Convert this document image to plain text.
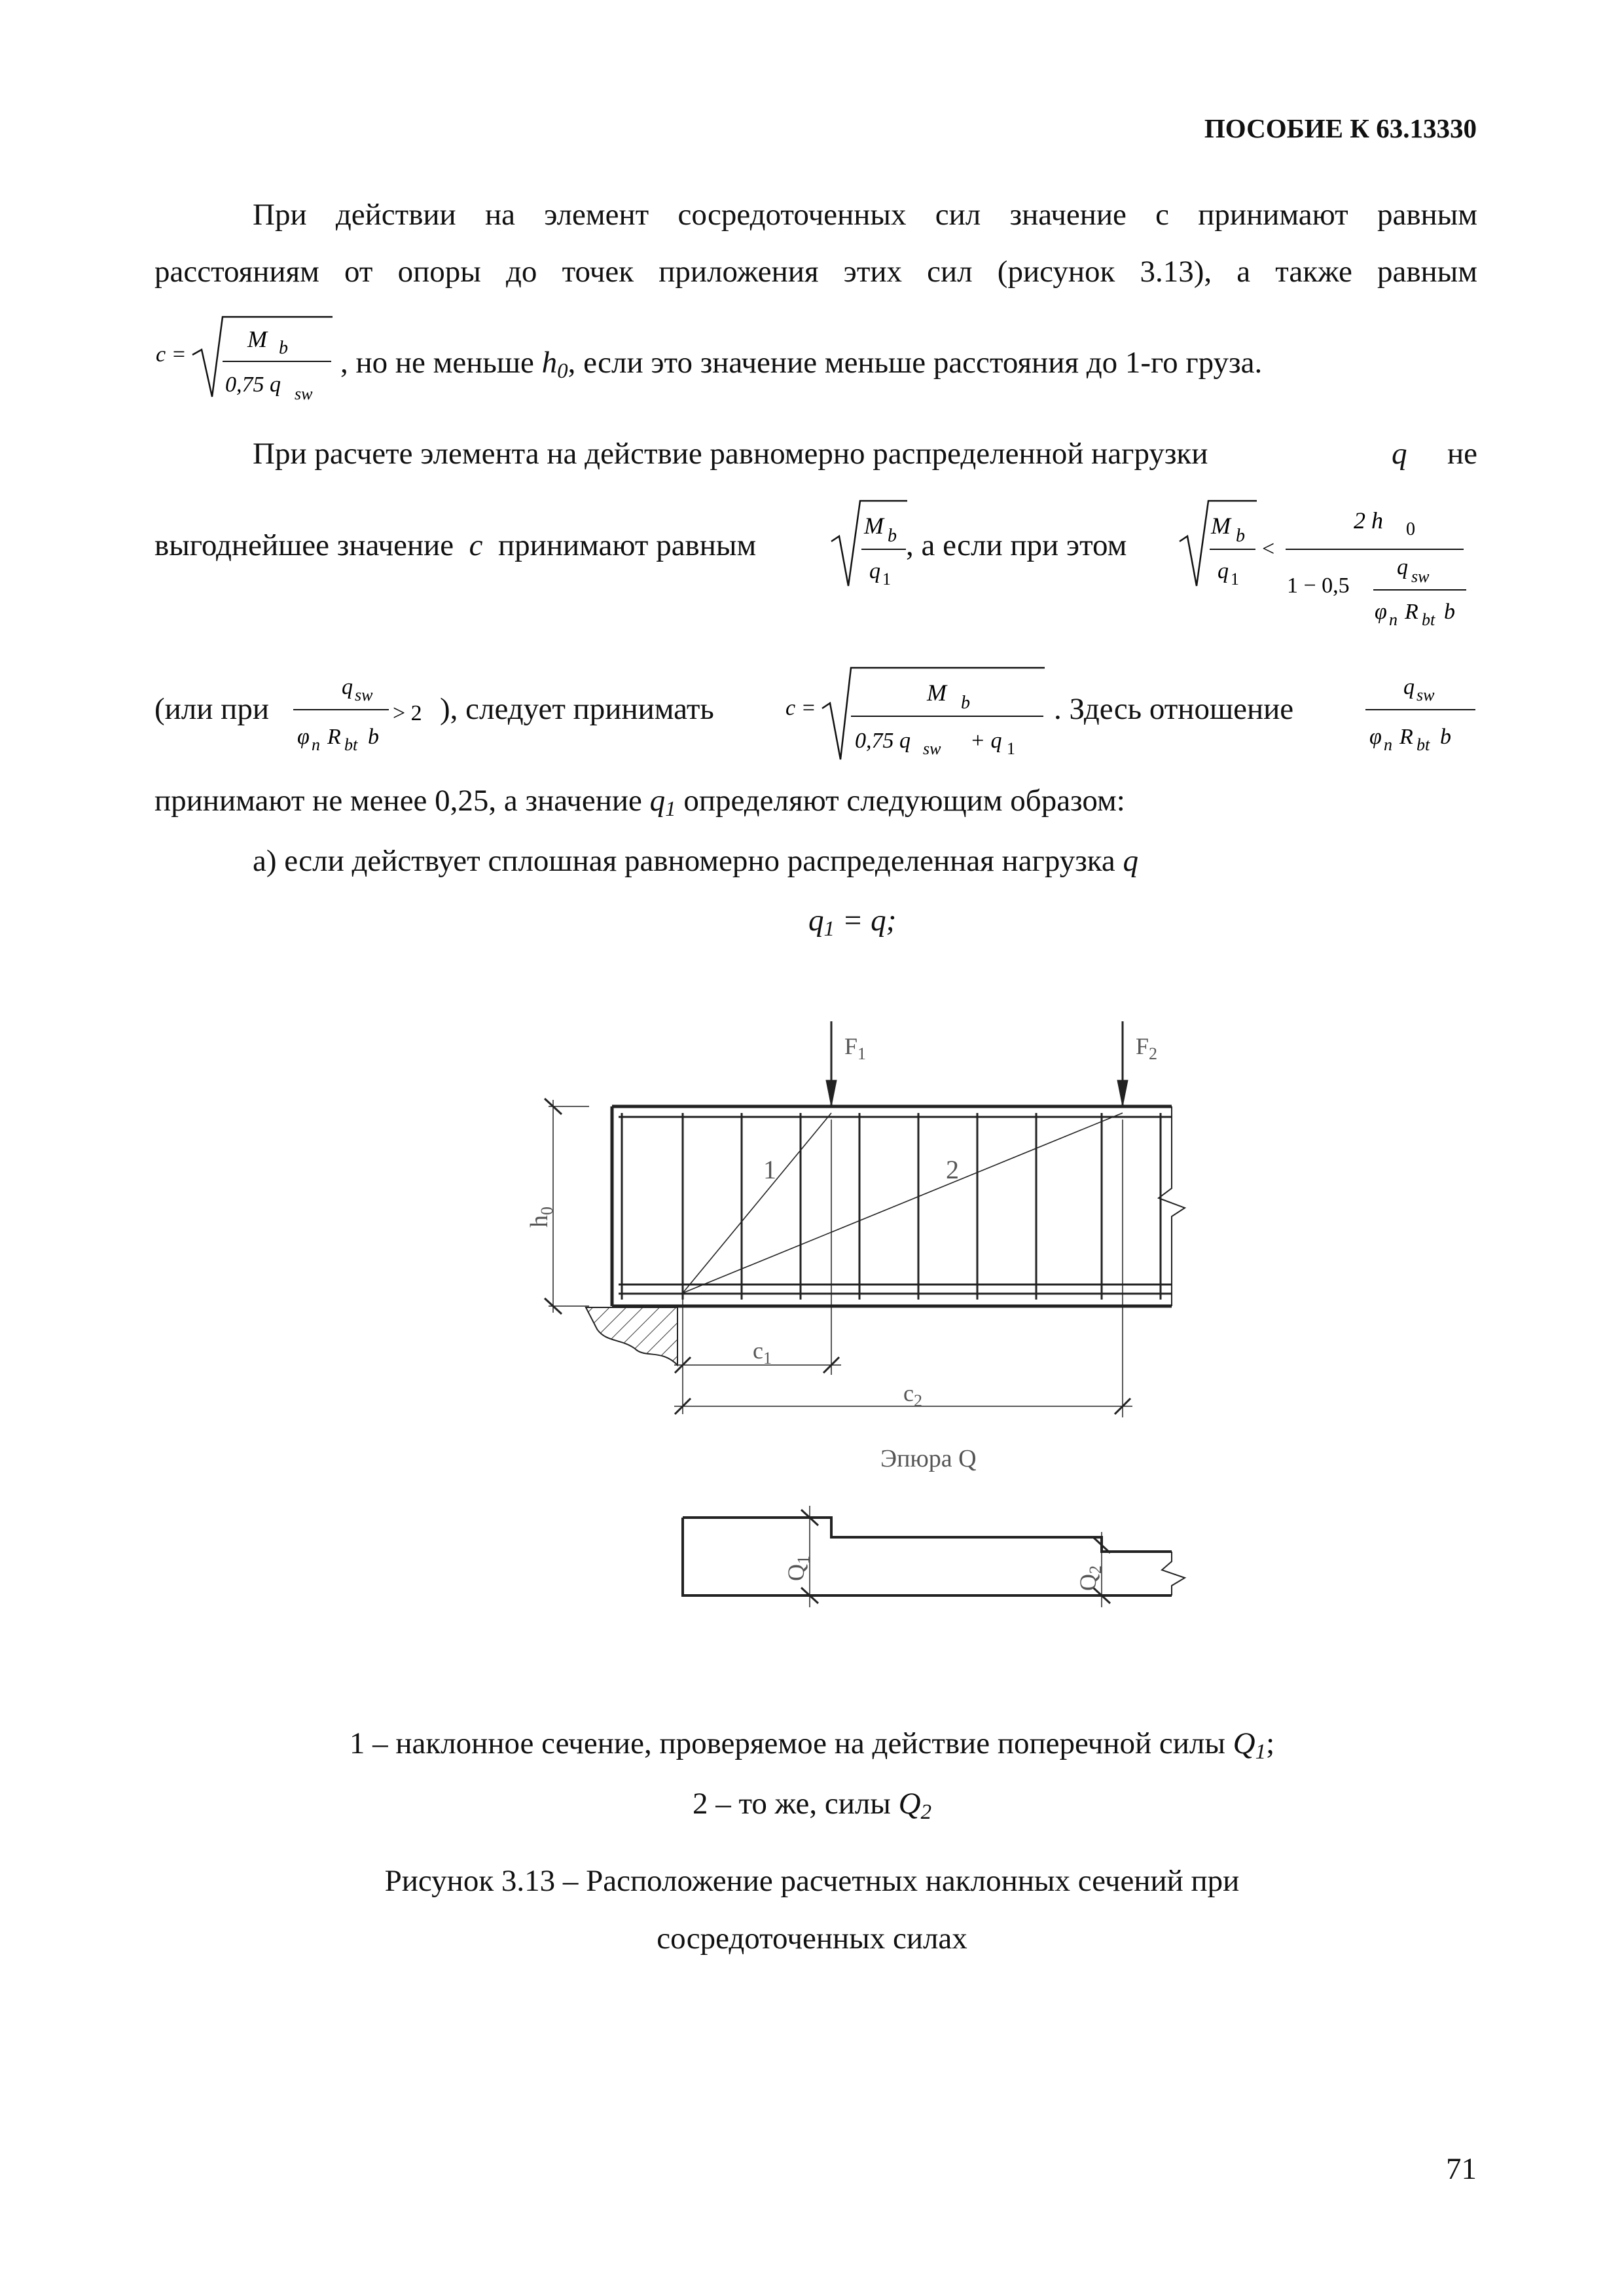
ПОСОБИЕ К 63.13330
При действии на элемент сосредоточенных сил значение c принимают равным
расстояниям от опоры до точек приложения этих сил (рисунок 3.13), а также равным
c =
M b
0,75 q sw
, но не меньше $h_0$, если это значение меньше расстояния до 1-го груза.
При расчете элемента на действие равномерно распределенной нагрузки	q не
выгоднейшее значение c принимают равным
M b
q 1
, а если при этом
M b
q 1
<
2 h 0
1 − 0,5
q sw
φ n R bt b
(или при
q sw
φ n R bt b
> 2 ), следует принимать	c =
M b
0,75 q sw + q 1
. Здесь отношение
q sw
φ n R bt b
принимают не менее 0,25, а значение $q_1$ определяют следующим образом:
а) если действует сплошная равномерно распределенная нагрузка q
$q_1 = q$;
$F_1$	$F_2$
1	2
$h_0$
$c_1$
$c_2$
Эпюра Q
$Q_1$
$Q_2$
1 – наклонное сечение, проверяемое на действие поперечной силы $Q_1$;
2 – то же, силы $Q_2$
Рисунок 3.13 – Расположение расчетных наклонных сечений при
сосредоточенных силах
71
